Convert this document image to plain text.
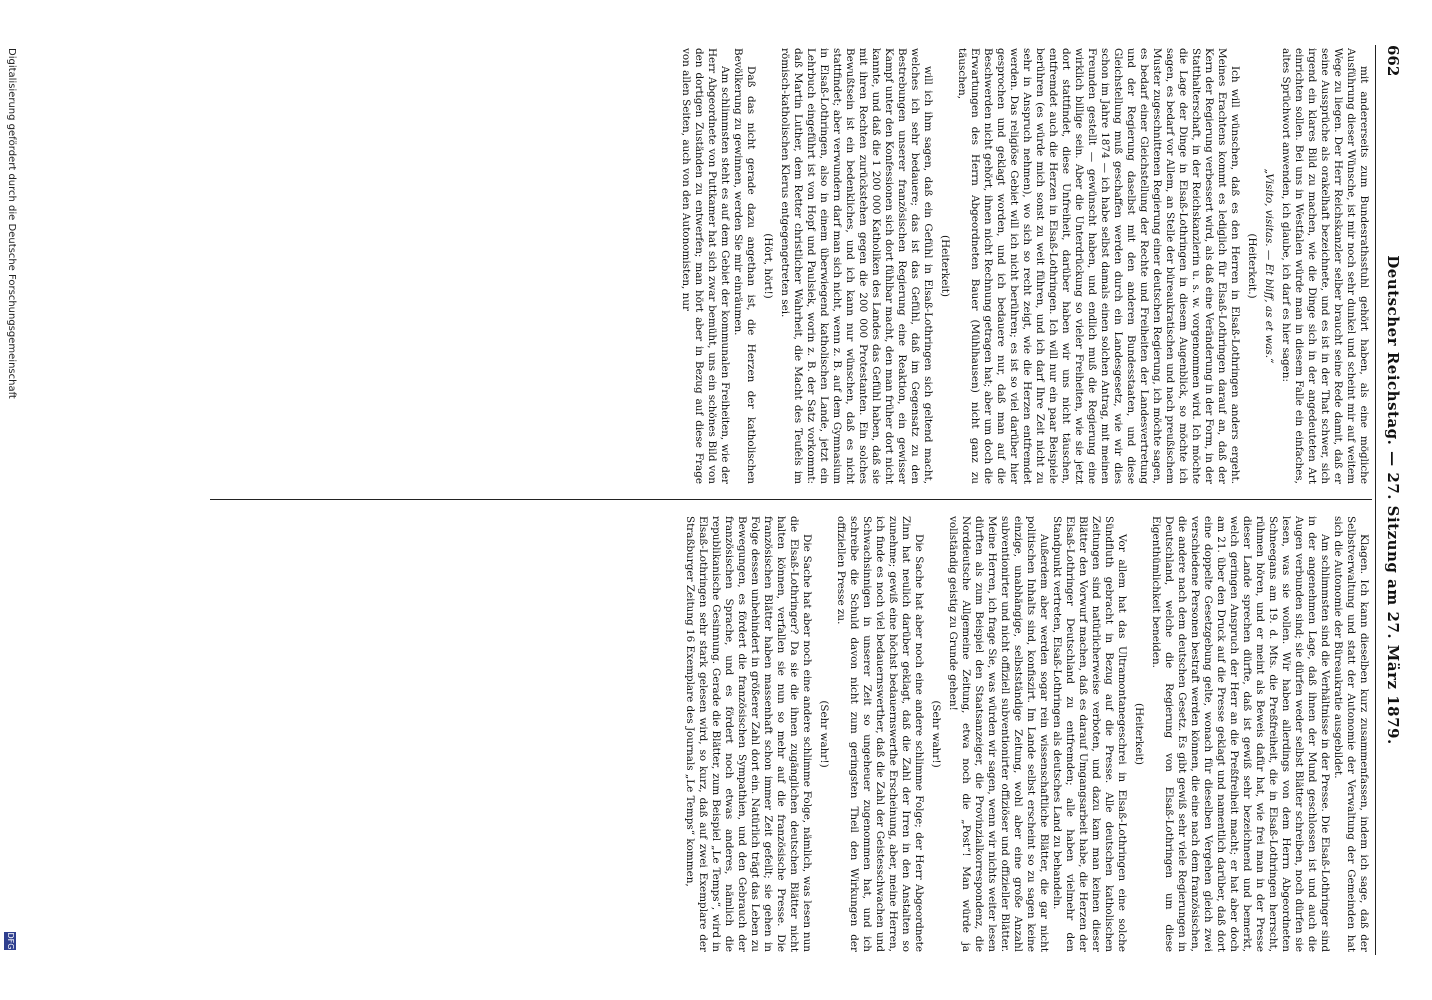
662
Deutscher Reichstag. — 27. Sitzung am 27. März 1879.

mit andererseits zum Bundesrathsstuhl gehört haben, als eine mögliche Ausführung dieser Wünsche, ist mir noch sehr dunkel und scheint mir auf weitem Wege zu liegen. Der Herr Reichskanzler selber braucht seine Rede damit, daß er seine Aussprüche als orakelhaft bezeichnete, und es ist in der That schwer, sich irgend ein klares Bild zu machen, wie die Dinge sich in der angedeuteten Art einrichten sollen. Bei uns in Westfalen würde man in diesem Falle ein einfaches, altes Sprüchwort anwenden, ich glaube, ich darf es hier sagen:

„Visito, visitas. — Et bliff, as et was.“

(Heiterkeit.)

Ich will wünschen, daß es den Herren in Elsaß-Lothringen anders ergeht. Meines Erachtens kommt es lediglich für Elsaß-Lothringen darauf an, daß der Kern der Regierung verbessert wird, als daß eine Veränderung in der Form, in der Statthalterschaft, in der Reichskanzlerin u. s. w. vorgenommen wird. Ich möchte die Lage der Dinge in Elsaß-Lothringen in diesem Augenblick, so möchte ich sagen, es bedarf vor Allem, an Stelle der büreaukratischen und nach preußischem Muster zugeschnittenen Regierung einer deutschen Regierung, ich möchte sagen, es bedarf einer Gleichstellung der Rechte und Freiheiten der Landesvertretung und der Regierung daselbst mit den anderen Bundesstaaten, und diese Gleichstellung muß geschaffen werden durch ein Landesgesetz, wie wir dies schon im Jahre 1874 — ich habe selbst damals einen solchen Antrag, mit meinen Freunden gestellt — gewünscht haben, und endlich muß die Regierung eine wirklich billige sein. Aber die Unterdrückung so vieler Freiheiten, wie sie jetzt dort stattfindet, diese Unfreiheit, darüber haben wir uns nicht täuschen, entfremdet auch die Herzen in Elsaß-Lothringen. Ich will nur ein paar Beispiele berühren (es würde mich sonst zu weit führen, und ich darf Ihre Zeit nicht zu sehr in Anspruch nehmen), wo sich so recht zeigt, wie die Herzen entfremdet werden. Das religiöse Gebiet will ich nicht berühren; es ist so viel darüber hier gesprochen und geklagt worden, und ich bedauere nur, daß man auf die Beschwerden nicht gehört, ihnen nicht Rechnung getragen hat; aber um doch die Erwartungen des Herrn Abgeordneten Bauer (Mühlhausen) nicht ganz zu täuschen,

(Heiterkeit)

will ich ihm sagen, daß ein Gefühl in Elsaß-Lothringen sich geltend macht, welches ich sehr bedauere; das ist das Gefühl, daß im Gegensatz zu den Bestrebungen unserer französischen Regierung eine Reaktion, ein gewisser Kampf unter den Konfessionen sich dort fühlbar macht, den man früher dort nicht kannte, und daß die 1 200 000 Katholiken des Landes das Gefühl haben, daß sie mit ihren Rechten zurückstehen gegen die 200 000 Protestanten. Ein solches Bewußtsein ist ein bedenkliches, und ich kann nur wünschen, daß es nicht stattfindet; aber verwundern darf man sich nicht, wenn z. B. auf dem Gymnasium in Elsaß-Lothringen, also in einem überwiegend katholischen Lande, jetzt ein Lehrbuch eingeführt ist von Hopf und Paulsiek, worin z. B. der Satz vorkommt: daß Martin Luther, dem Retter christlicher Wahrheit, die Macht des Teufels im römisch-katholischen Klerus entgegengetreten sei.

(Hört, hört!)

Daß das nicht gerade dazu angethan ist, die Herzen der katholischen Bevölkerung zu gewinnen, werden Sie mir einräumen.

Am schlimmsten steht es auf dem Gebiet der kommunalen Freiheiten, wie der Herr Abgeordnete von Puttkamer hat sich zwar bemüht, uns ein schönes Bild von den dortigen Zuständen zu entwerfen; man hört aber in Bezug auf diese Frage von allen Seiten, auch von den Autonomisten, nur

Klagen. Ich kann dieselben kurz zusammenfassen, indem ich sage, daß der Selbstverwaltung und statt der Autonomie der Verwaltung der Gemeinden hat sich die Autonomie der Büreaukratie ausgebildet.

Am schlimmsten sind die Verhältnisse in der Presse. Die Elsaß-Lothringer sind in der angenehmen Lage, daß ihnen der Mund geschlossen ist und auch die Augen verbunden sind; sie dürfen weder selbst Blätter schreiben, noch dürfen sie lesen, was sie wollen. Wir haben allerdings von dem Herrn Abgeordneten Schneegans am 19. d. Mts. die Preßfreiheit, die in Elsaß-Lothringen herrscht, rühmen hören, und er meint als Beweis dafür hat, wie frei man in der Presse dieser Lande sprechen dürfte, daß ist gewiß sehr bezeichnend und bemerkt, welch geringen Anspruch der Herr an die Preßfreiheit macht; er hat aber doch am 21. über den Druck auf die Presse geklagt und namentlich darüber, daß dort eine doppelte Gesetzgebung gelte, wonach für dieselben Vergehen gleich zwei verschiedene Personen bestraft werden können, die eine nach dem französischen, die andere nach dem deutschen Gesetz. Es gibt gewiß sehr viele Regierungen in Deutschland, welche die Regierung von Elsaß-Lothringen um diese Eigenthümlichkeit beneiden.

(Heiterkeit)

Vor allem hat das Ultramontanegeschrei in Elsaß-Lothringen eine solche Sündfluth gebracht in Bezug auf die Presse. Alle deutschen katholischen Zeitungen sind natürlicherweise verboten, und dazu kam man keinen dieser Blätter den Vorwurf machen, daß es darauf Umgangsarbeit habe, die Herzen der Elsaß-Lothringer Deutschland zu entfremden; alle haben vielmehr den Standpunkt vertreten, Elsaß-Lothringen als deutsches Land zu behandeln.

Außerdem aber werden sogar rein wissenschaftliche Blätter, die gar nicht politischen Inhalts sind, konfiszirt. Im Lande selbst erscheint so zu sagen keine einzige, unabhängige, selbstständige Zeitung, wohl aber eine große Anzahl subventionirter und nicht offiziell subventionirter offiziöser und offizieller Blätter. Meine Herren, ich frage Sie, was würden wir sagen, wenn wir nichts weiter lesen dürften als zum Beispiel den Staatsanzeiger, die Provinzialkorrespondenz, die Norddeutsche Allgemeine Zeitung, etwa noch die „Post“! Man würde ja vollständig geistig zu Grunde gehen!

(Sehr wahr!)

Die Sache hat aber noch eine andere schlimme Folge; der Herr Abgeordnete Zinn hat neulich darüber geklagt, daß die Zahl der Irren in den Anstalten so zunehme; gewiß eine höchst bedauernswerthe Erscheinung, aber, meine Herren, ich finde es noch viel bedauernswerther, daß die Zahl der Geistesschwachen und Schwachsinnigen in unserer Zeit so ungeheuer zugenommen hat, und ich schreibe die Schuld davon nicht zum geringsten Theil den Wirkungen der offiziellen Presse zu.

(Sehr wahr!)

Die Sache hat aber noch eine andere schlimme Folge, nämlich, was lesen nun die Elsaß-Lothringer? Da sie die ihnen zugänglichen deutschen Blätter nicht halten können, verfallen sie nun so mehr auf die französische Presse. Die französischen Blätter haben massenhaft schon immer Zeit gefeilt; sie gehen in Folge dessen unbehindert in größerer Zahl dort ein. Natürlich trägt das Leben zu Bewegungen, es fördert die französischen Sympathien, und den Gebrauch der französischen Sprache, und es fördert noch etwas anderes, nämlich die republikanische Gesinnung. Gerade die Blätter, zum Beispiel „Le Temps“, wird in Elsaß-Lothringen sehr stark gelesen wird, so kurz, daß auf zwei Exemplare der Straßburger Zeitung 16 Exemplare des Journals „Le Temps“ kommen,

Digitalisierung gefördert durch die Deutsche Forschungsgemeinschaft
DFG
